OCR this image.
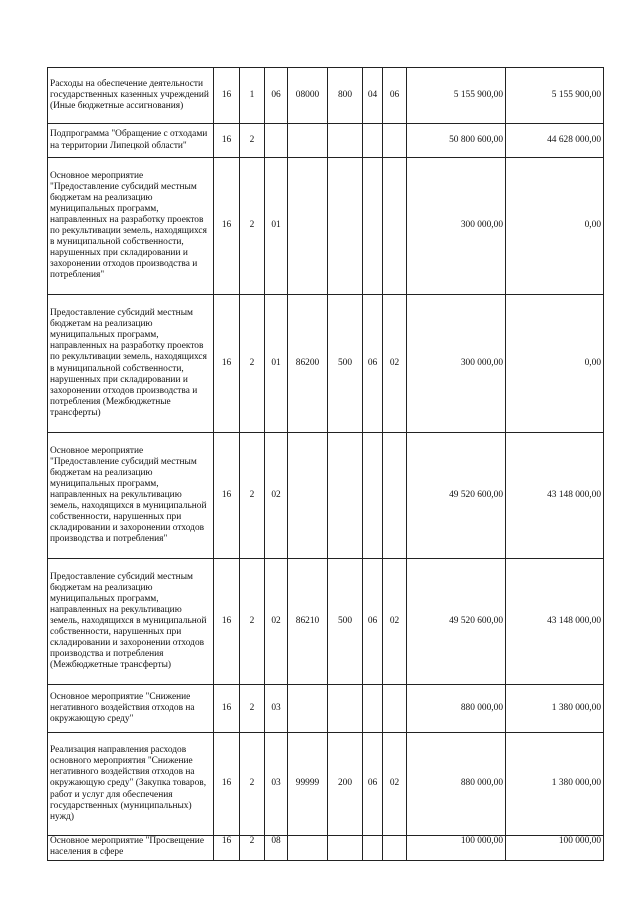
Расходы на обеспечение деятельности государственных казенных учреждений (Иные бюджетные ассигнования)	16	1	06	08000	800	04	06	5 155 900,00	5 155 900,00
Подпрограмма "Обращение с отходами на территории Липецкой области"	16	2						50 800 600,00	44 628 000,00
Основное мероприятие "Предоставление субсидий местным бюджетам на реализацию муниципальных программ, направленных на разработку проектов по рекультивации земель, находящихся в муниципальной собственности, нарушенных при складировании и захоронении отходов производства и потребления"	16	2	01					300 000,00	0,00
Предоставление субсидий местным бюджетам на реализацию муниципальных программ, направленных на разработку проектов по рекультивации земель, находящихся в муниципальной собственности, нарушенных при складировании и захоронении отходов производства и потребления (Межбюджетные трансферты)	16	2	01	86200	500	06	02	300 000,00	0,00
Основное мероприятие "Предоставление субсидий местным бюджетам на реализацию муниципальных программ, направленных на рекультивацию земель, находящихся в муниципальной собственности, нарушенных при складировании и захоронении отходов производства и потребления"	16	2	02					49 520 600,00	43 148 000,00
Предоставление субсидий местным бюджетам на реализацию муниципальных программ, направленных на рекультивацию земель, находящихся в муниципальной собственности, нарушенных при складировании и захоронении отходов производства и потребления (Межбюджетные трансферты)	16	2	02	86210	500	06	02	49 520 600,00	43 148 000,00
Основное мероприятие "Снижение негативного воздействия отходов на окружающую среду"	16	2	03					880 000,00	1 380 000,00
Реализация направления расходов основного мероприятия "Снижение негативного воздействия отходов на окружающую среду" (Закупка товаров, работ и услуг для обеспечения государственных (муниципальных) нужд)	16	2	03	99999	200	06	02	880 000,00	1 380 000,00
Основное мероприятие "Просвещение населения в сфере	16	2	08					100 000,00	100 000,00
